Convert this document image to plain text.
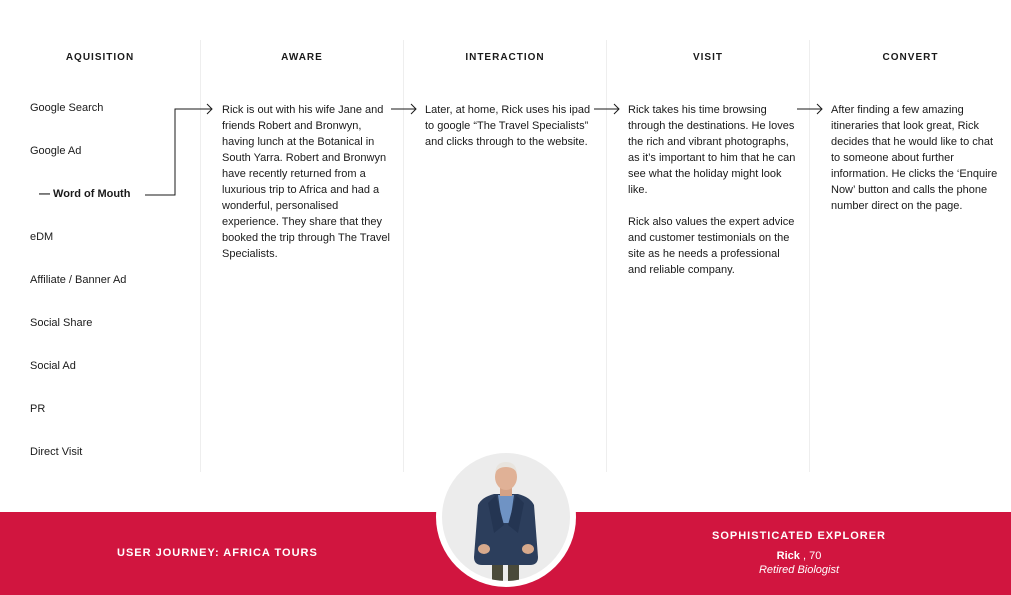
AQUISITION
Google Search
Google Ad
— Word of Mouth
eDM
Affiliate / Banner Ad
Social Share
Social Ad
PR
Direct Visit
AWARE

Rick is out with his wife Jane and friends Robert and Bronwyn, having lunch at the Botanical in South Yarra. Robert and Bronwyn have recently returned from a luxurious trip to Africa and had a wonderful, personalised experience. They share that they booked the trip through The Travel Specialists.

INTERACTION

Later, at home, Rick uses his ipad to google “The Travel Specialists” and clicks through to the website.

VISIT

Rick takes his time browsing through the destinations. He loves the rich and vibrant photographs, as it’s important to him that he can see what the holiday might look like.

Rick also values the expert advice and customer testimonials on the site as he needs a professional and reliable company.

CONVERT

After finding a few amazing itineraries that look great, Rick decides that he would like to chat to someone about further information. He clicks the ‘Enquire Now’ button and calls the phone number direct on the page.

USER JOURNEY: AFRICA TOURS
SOPHISTICATED EXPLORER
Rick , 70
Retired Biologist
